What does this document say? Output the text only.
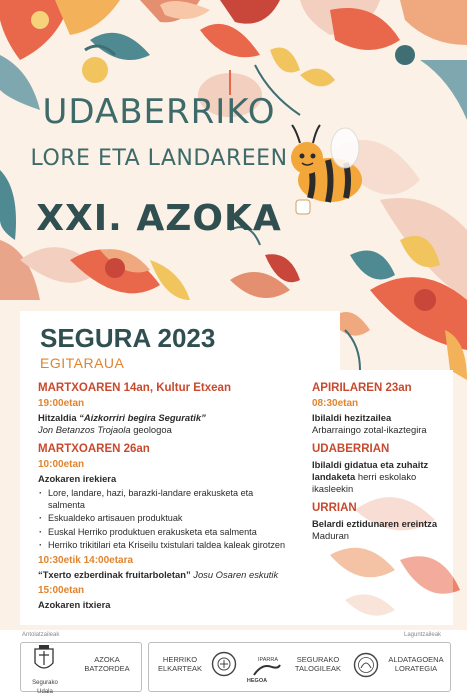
UDABERRIKO
LORE ETA LANDAREEN
XXI. AZOKA
SEGURA 2023
EGITARAUA
MARTXOAREN 14an, Kultur Etxean
19:00etan
Hitzaldia “Aizkorriri begira Seguratik”
Jon Betanzos Trojaola geologoa
MARTXOAREN 26an
10:00etan
Azokaren irekiera
· Lore, landare, hazi, barazki-landare erakusketa eta salmenta
· Eskualdeko artisauen produktuak
· Euskal Herriko produktuen erakusketa eta salmenta
· Herriko trikitilari eta Kriseilu txistulari taldea kaleak girotzen
10:30etik 14:00etara
“Txerto ezberdinak fruitarboletan” Josu Osaren eskutik
15:00etan
Azokaren itxiera
APIRILAREN 23an
08:30etan
Ibilaldi hezitzailea
Arbarraingo zotal-ikaztegira
UDABERRIAN
Ibilaldi gidatua eta zuhaitz landaketa herri eskolako ikasleekin
URRIAN
Belardi eztidunaren ereintza
Maduran
Antolatzaileak	Laguntzaileak
Segurako Udala
AZOKA
BATZORDEA
HERRIKO
ELKARTEAK
IPARRA
HEGOA
SEGURAKO
TALOGILEAK
ALDATAGOENA
LORATEGIA
